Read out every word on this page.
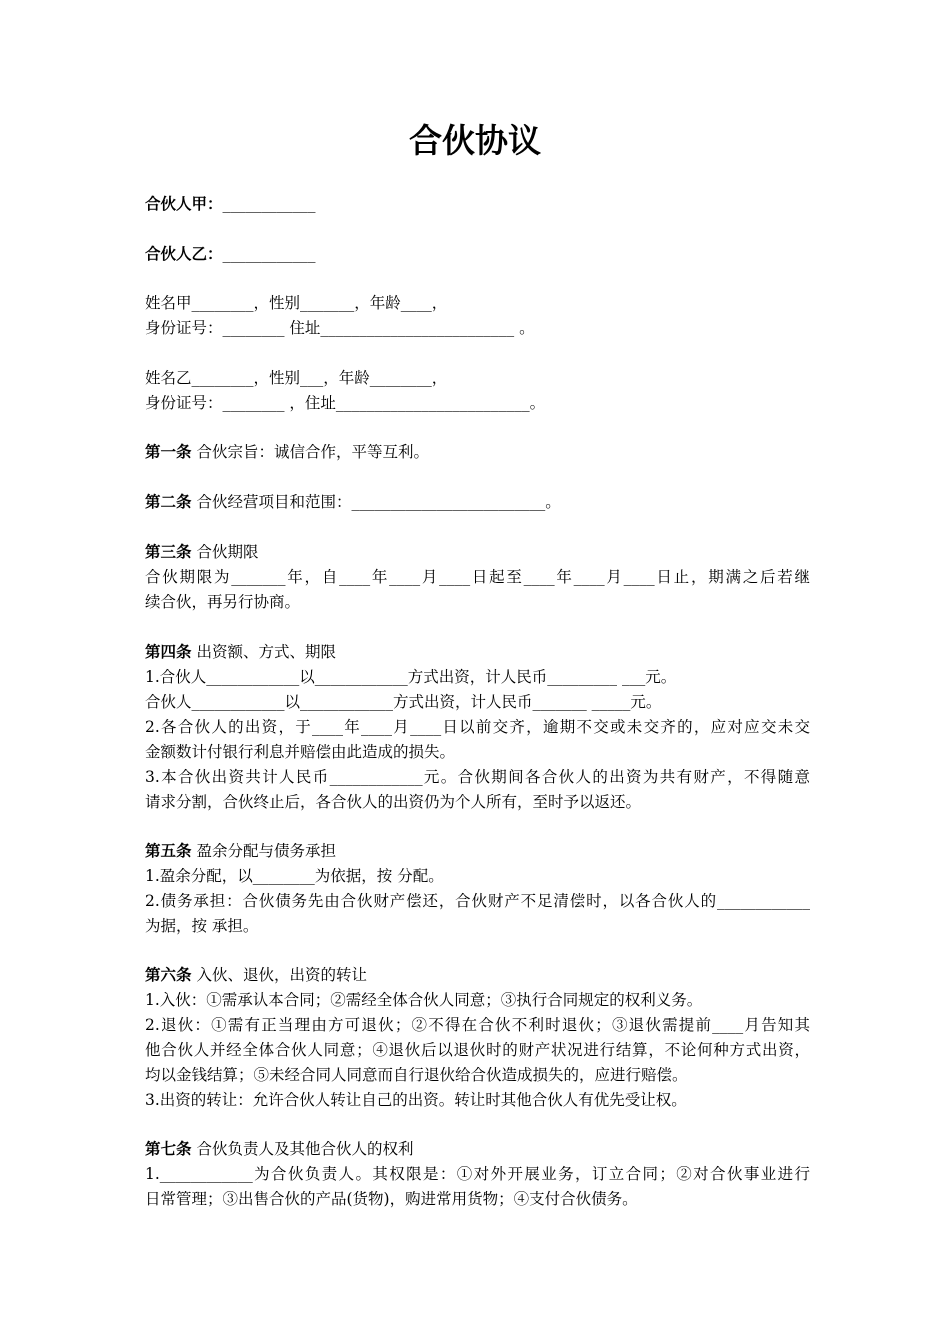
合伙协议
合伙人甲：____________
合伙人乙：____________
姓名甲________，性别_______，年龄____，
身份证号：________ 住址_________________________ 。
姓名乙________，性别___，年龄________，
身份证号：________ ，住址_________________________。
第一条 合伙宗旨：诚信合作，平等互利。
第二条 合伙经营项目和范围：_________________________。
第三条 合伙期限
合伙期限为_______年，自____年____月____日起至____年____月____日止，期满之后若继
续合伙，再另行协商。
第四条 出资额、方式、期限
1.合伙人____________以____________方式出资，计人民币_________ ___元。
合伙人____________以____________方式出资，计人民币_______ _____元。
2.各合伙人的出资，于____年____月____日以前交齐，逾期不交或未交齐的，应对应交未交
金额数计付银行利息并赔偿由此造成的损失。
3.本合伙出资共计人民币____________元。合伙期间各合伙人的出资为共有财产，不得随意
请求分割，合伙终止后，各合伙人的出资仍为个人所有，至时予以返还。
第五条 盈余分配与债务承担
1.盈余分配，以________为依据，按 分配。
2.债务承担：合伙债务先由合伙财产偿还，合伙财产不足清偿时，以各合伙人的____________
为据，按 承担。
第六条 入伙、退伙，出资的转让
1.入伙：①需承认本合同；②需经全体合伙人同意；③执行合同规定的权利义务。
2.退伙：①需有正当理由方可退伙；②不得在合伙不利时退伙；③退伙需提前____月告知其
他合伙人并经全体合伙人同意；④退伙后以退伙时的财产状况进行结算，不论何种方式出资，
均以金钱结算；⑤未经合同人同意而自行退伙给合伙造成损失的，应进行赔偿。
3.出资的转让：允许合伙人转让自己的出资。转让时其他合伙人有优先受让权。
第七条 合伙负责人及其他合伙人的权利
1.____________为合伙负责人。其权限是：①对外开展业务，订立合同；②对合伙事业进行
日常管理；③出售合伙的产品(货物)，购进常用货物；④支付合伙债务。
